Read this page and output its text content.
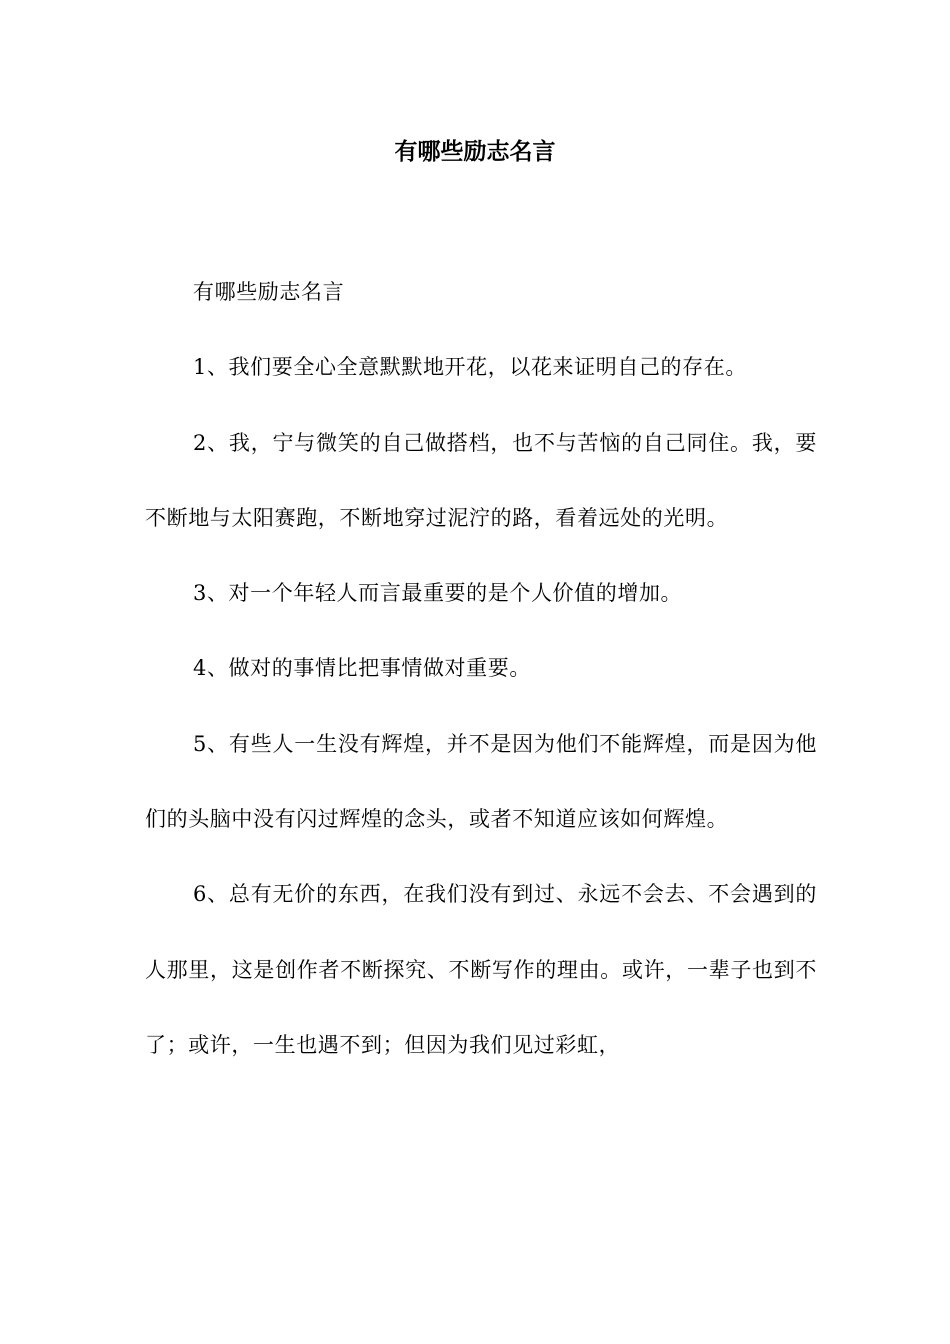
有哪些励志名言

有哪些励志名言

1、我们要全心全意默默地开花，以花来证明自己的存在。

2、我，宁与微笑的自己做搭档，也不与苦恼的自己同住。我，要不断地与太阳赛跑，不断地穿过泥泞的路，看着远处的光明。

3、对一个年轻人而言最重要的是个人价值的增加。

4、做对的事情比把事情做对重要。

5、有些人一生没有辉煌，并不是因为他们不能辉煌，而是因为他们的头脑中没有闪过辉煌的念头，或者不知道应该如何辉煌。

6、总有无价的东西，在我们没有到过、永远不会去、不会遇到的人那里，这是创作者不断探究、不断写作的理由。或许，一辈子也到不了；或许，一生也遇不到；但因为我们见过彩虹，
